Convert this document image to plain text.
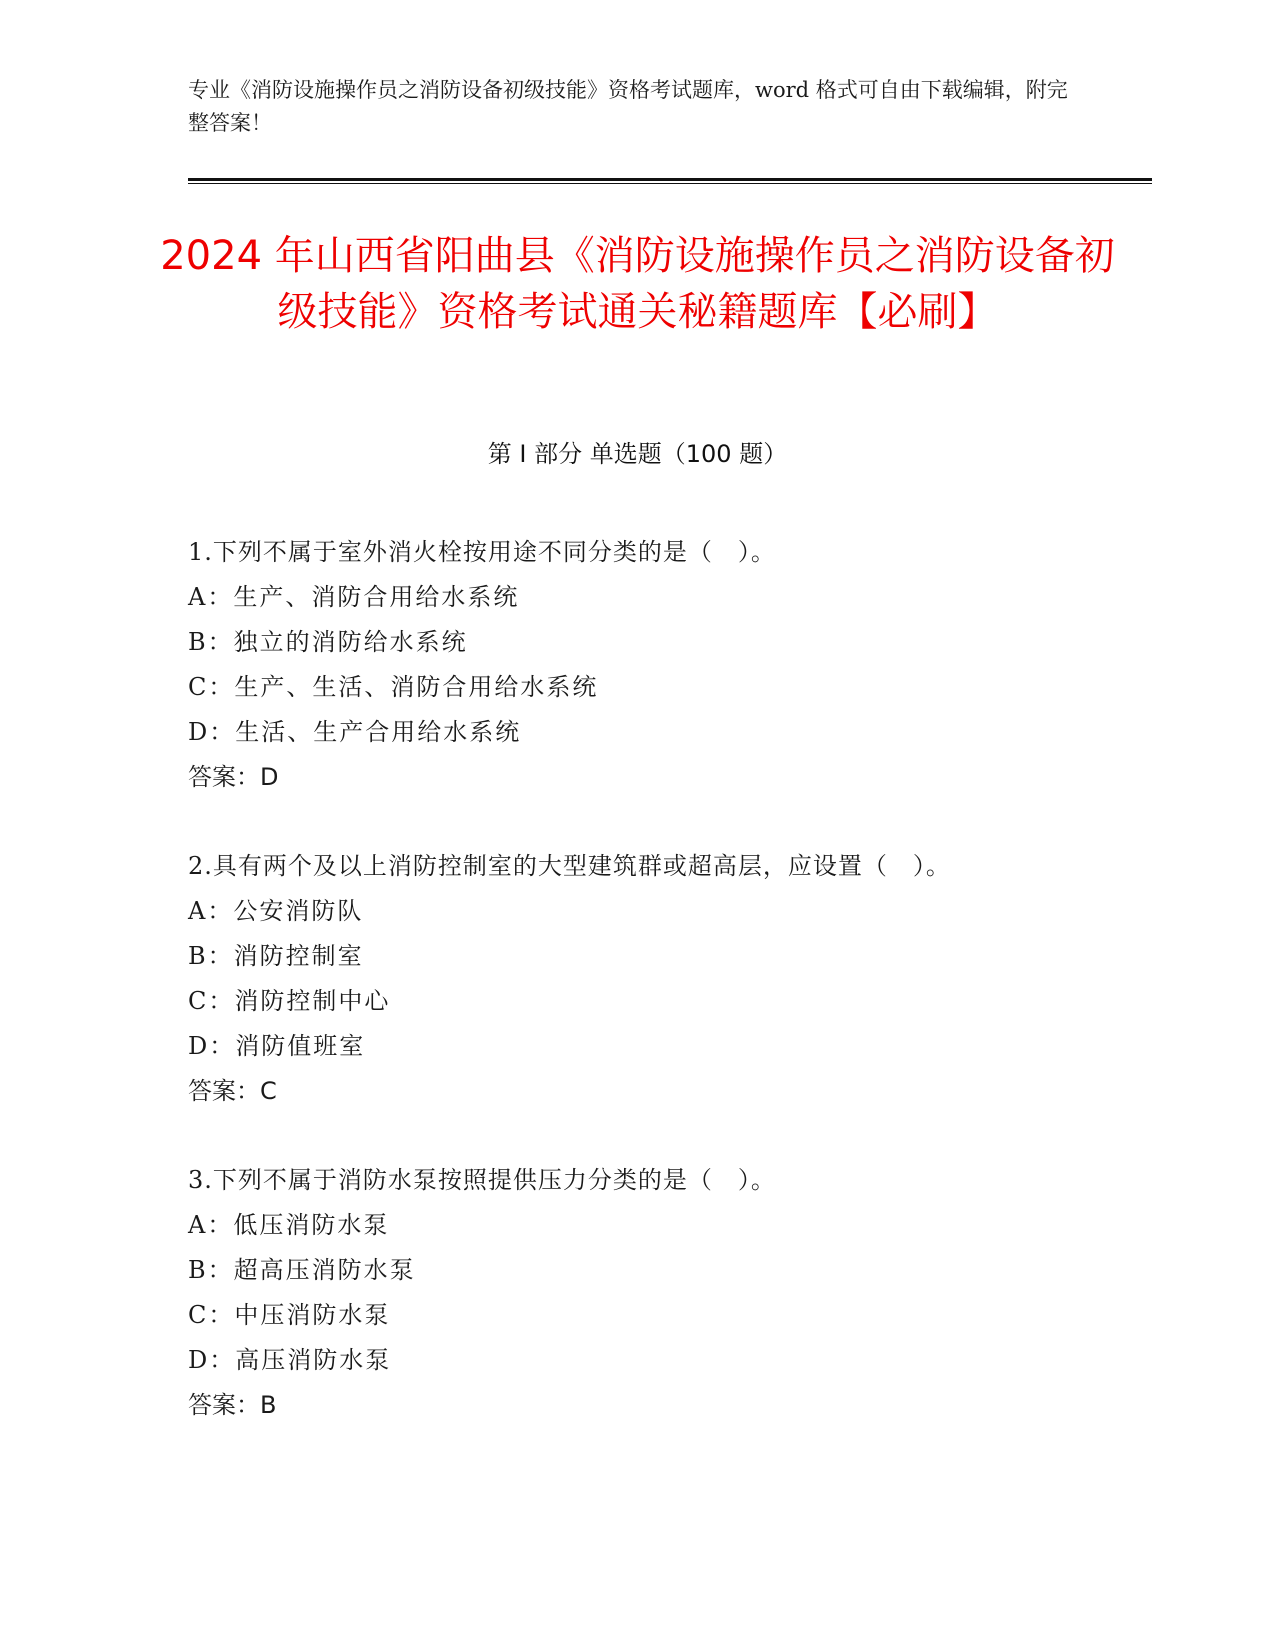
专业《消防设施操作员之消防设备初级技能》资格考试题库，word 格式可自由下载编辑，附完整答案！
2024 年山西省阳曲县《消防设施操作员之消防设备初级技能》资格考试通关秘籍题库【必刷】
第 I 部分 单选题（100 题）
1.下列不属于室外消火栓按用途不同分类的是（　）。
A：生产、消防合用给水系统
B：独立的消防给水系统
C：生产、生活、消防合用给水系统
D：生活、生产合用给水系统
答案：D
2.具有两个及以上消防控制室的大型建筑群或超高层，应设置（　）。
A：公安消防队
B：消防控制室
C：消防控制中心
D：消防值班室
答案：C
3.下列不属于消防水泵按照提供压力分类的是（　）。
A：低压消防水泵
B：超高压消防水泵
C：中压消防水泵
D：高压消防水泵
答案：B
